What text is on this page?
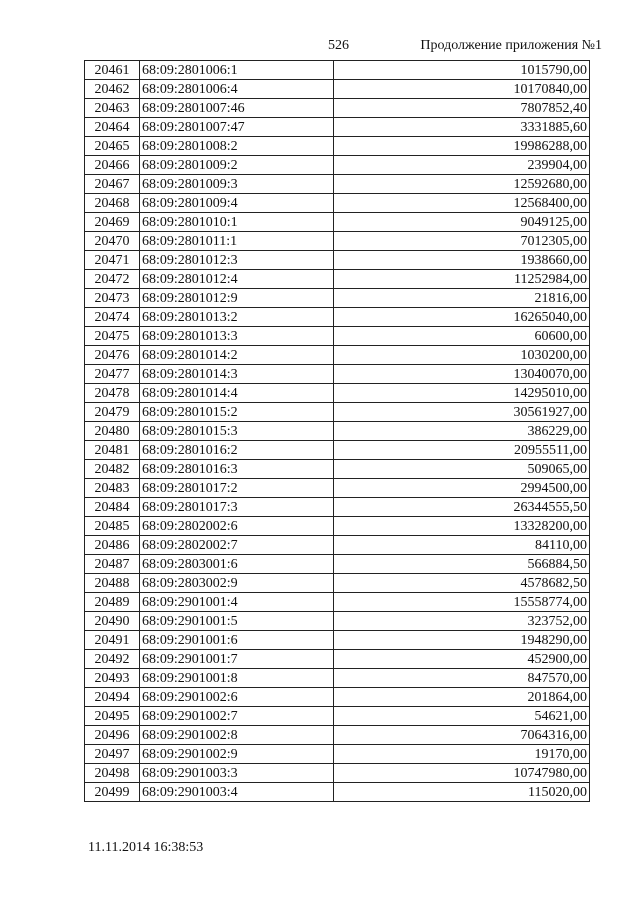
526	Продолжение приложения №1
20461	68:09:2801006:1	1015790,00
20462	68:09:2801006:4	10170840,00
20463	68:09:2801007:46	7807852,40
20464	68:09:2801007:47	3331885,60
20465	68:09:2801008:2	19986288,00
20466	68:09:2801009:2	239904,00
20467	68:09:2801009:3	12592680,00
20468	68:09:2801009:4	12568400,00
20469	68:09:2801010:1	9049125,00
20470	68:09:2801011:1	7012305,00
20471	68:09:2801012:3	1938660,00
20472	68:09:2801012:4	11252984,00
20473	68:09:2801012:9	21816,00
20474	68:09:2801013:2	16265040,00
20475	68:09:2801013:3	60600,00
20476	68:09:2801014:2	1030200,00
20477	68:09:2801014:3	13040070,00
20478	68:09:2801014:4	14295010,00
20479	68:09:2801015:2	30561927,00
20480	68:09:2801015:3	386229,00
20481	68:09:2801016:2	20955511,00
20482	68:09:2801016:3	509065,00
20483	68:09:2801017:2	2994500,00
20484	68:09:2801017:3	26344555,50
20485	68:09:2802002:6	13328200,00
20486	68:09:2802002:7	84110,00
20487	68:09:2803001:6	566884,50
20488	68:09:2803002:9	4578682,50
20489	68:09:2901001:4	15558774,00
20490	68:09:2901001:5	323752,00
20491	68:09:2901001:6	1948290,00
20492	68:09:2901001:7	452900,00
20493	68:09:2901001:8	847570,00
20494	68:09:2901002:6	201864,00
20495	68:09:2901002:7	54621,00
20496	68:09:2901002:8	7064316,00
20497	68:09:2901002:9	19170,00
20498	68:09:2901003:3	10747980,00
20499	68:09:2901003:4	115020,00
11.11.2014 16:38:53
